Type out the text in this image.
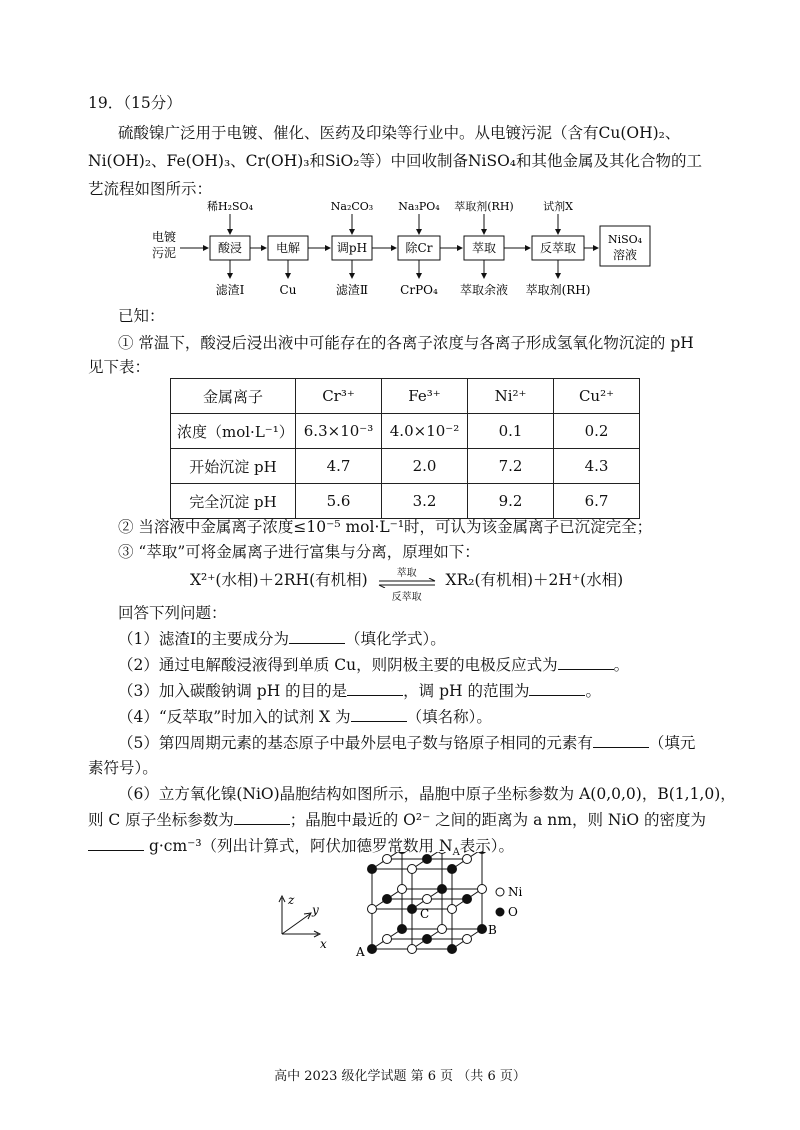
19．（15分）
硫酸镍广泛用于电镀、催化、医药及印染等行业中。从电镀污泥（含有Cu(OH)₂、
Ni(OH)₂、Fe(OH)₃、Cr(OH)₃和SiO₂等）中回收制备NiSO₄和其他金属及其化合物的工
艺流程如图所示：
电镀
污泥	酸浸	电解	调pH	除Cr	萃取	反萃取
NiSO₄
溶液
稀H₂SO₄	Na₂CO₃ Na₃PO₄ 萃取剂(RH)	试剂X
滤渣Ⅰ	Cu	滤渣Ⅱ	CrPO₄ 萃取余液 萃取剂(RH)
已知：
① 常温下，酸浸后浸出液中可能存在的各离子浓度与各离子形成氢氧化物沉淀的 pH
见下表：
金属离子	Cr³⁺	Fe³⁺	Ni²⁺	Cu²⁺
浓度（mol·L⁻¹）	6.3×10⁻³	4.0×10⁻²	0.1	0.2
开始沉淀 pH	4.7	2.0	7.2	4.3
完全沉淀 pH	5.6	3.2	9.2	6.7
② 当溶液中金属离子浓度≤10⁻⁵ mol·L⁻¹时，可认为该金属离子已沉淀完全；
③ “萃取”可将金属离子进行富集与分离，原理如下：
X²⁺(水相)＋2RH(有机相)	萃取
反萃取
XR₂(有机相)＋2H⁺(水相)
回答下列问题：
（1）滤渣Ⅰ的主要成分为	（填化学式）。
（2）通过电解酸浸液得到单质 Cu，则阴极主要的电极反应式为	。
（3）加入碳酸钠调 pH 的目的是	，调 pH 的范围为	。
（4）“反萃取”时加入的试剂 X 为	（填名称）。
（5）第四周期元素的基态原子中最外层电子数与铬原子相同的元素有	（填元
素符号）。
（6）立方氧化镍(NiO)晶胞结构如图所示，晶胞中原子坐标参数为 A(0,0,0)，B(1,1,0)，
则 C 原子坐标参数为	；晶胞中最近的 O²⁻ 之间的距离为 a nm，则 NiO 的密度为
g·cm⁻³（列出计算式，阿伏加德罗常数用 $N_A$表示）。
z
y
x
A
B
C
Ni
O
高中 2023 级化学试题 第 6 页 （共 6 页）
